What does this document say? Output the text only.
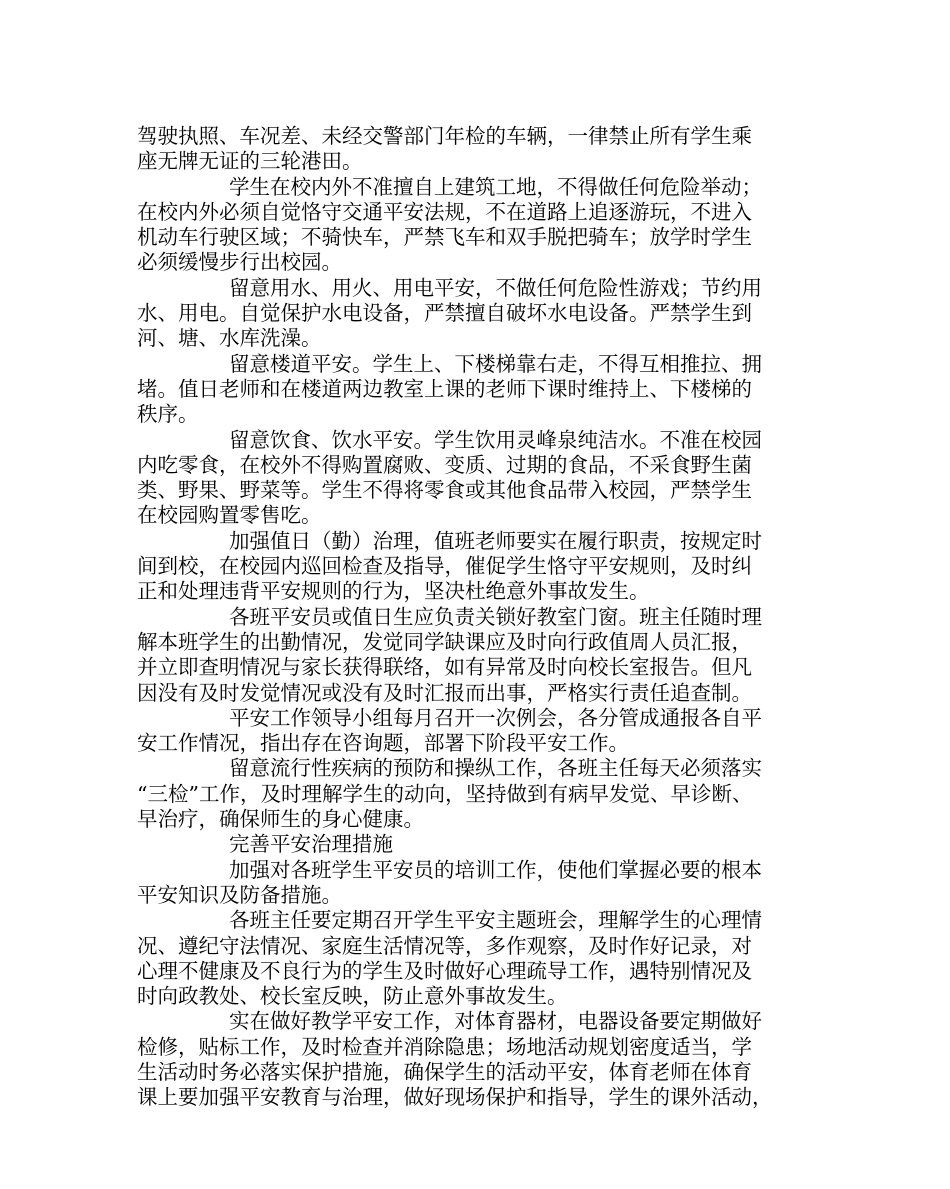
驾驶执照、车况差、未经交警部门年检的车辆，一律禁止所有学生乘
座无牌无证的三轮港田。
学生在校内外不准擅自上建筑工地，不得做任何危险举动；
在校内外必须自觉恪守交通平安法规，不在道路上追逐游玩，不进入
机动车行驶区域；不骑快车，严禁飞车和双手脱把骑车；放学时学生
必须缓慢步行出校园。
留意用水、用火、用电平安，不做任何危险性游戏；节约用
水、用电。自觉保护水电设备，严禁擅自破坏水电设备。严禁学生到
河、塘、水库洗澡。
留意楼道平安。学生上、下楼梯靠右走，不得互相推拉、拥
堵。值日老师和在楼道两边教室上课的老师下课时维持上、下楼梯的
秩序。
留意饮食、饮水平安。学生饮用灵峰泉纯洁水。不准在校园
内吃零食，在校外不得购置腐败、变质、过期的食品，不采食野生菌
类、野果、野菜等。学生不得将零食或其他食品带入校园，严禁学生
在校园购置零售吃。
加强值日（勤）治理，值班老师要实在履行职责，按规定时
间到校，在校园内巡回检查及指导，催促学生恪守平安规则，及时纠
正和处理违背平安规则的行为，坚决杜绝意外事故发生。
各班平安员或值日生应负责关锁好教室门窗。班主任随时理
解本班学生的出勤情况，发觉同学缺课应及时向行政值周人员汇报，
并立即查明情况与家长获得联络，如有异常及时向校长室报告。但凡
因没有及时发觉情况或没有及时汇报而出事，严格实行责任追查制。
平安工作领导小组每月召开一次例会，各分管成通报各自平
安工作情况，指出存在咨询题，部署下阶段平安工作。
留意流行性疾病的预防和操纵工作，各班主任每天必须落实
“三检”工作，及时理解学生的动向，坚持做到有病早发觉、早诊断、
早治疗，确保师生的身心健康。
完善平安治理措施
加强对各班学生平安员的培训工作，使他们掌握必要的根本
平安知识及防备措施。
各班主任要定期召开学生平安主题班会，理解学生的心理情
况、遵纪守法情况、家庭生活情况等，多作观察，及时作好记录，对
心理不健康及不良行为的学生及时做好心理疏导工作，遇特别情况及
时向政教处、校长室反映，防止意外事故发生。
实在做好教学平安工作，对体育器材，电器设备要定期做好
检修，贴标工作，及时检查并消除隐患；场地活动规划密度适当，学
生活动时务必落实保护措施，确保学生的活动平安，体育老师在体育
课上要加强平安教育与治理，做好现场保护和指导，学生的课外活动，
